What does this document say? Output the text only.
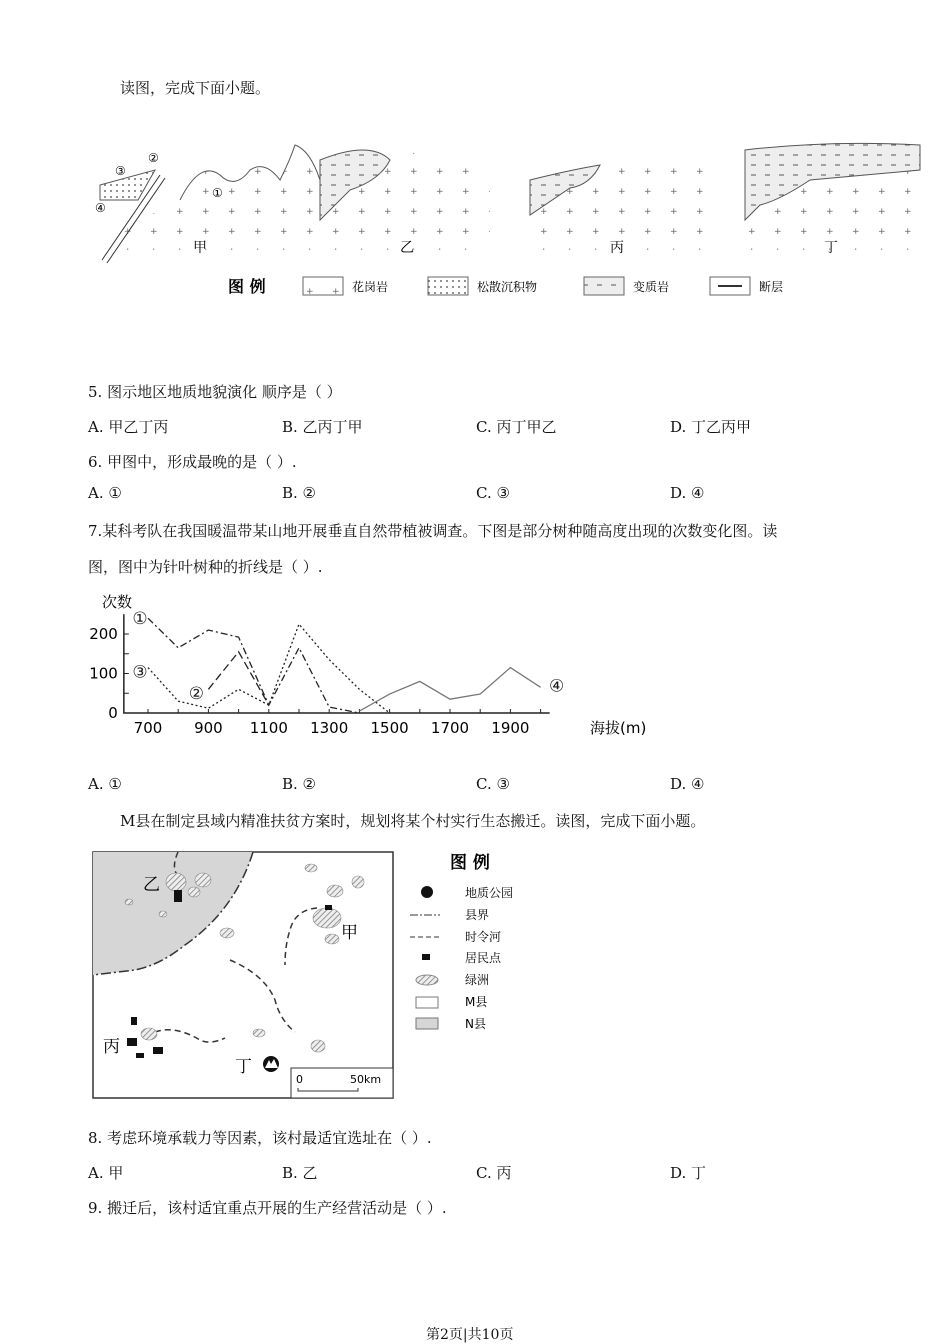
读图，完成下面小题。
甲	乙	丙	丁
①
②
③
④
图 例	花岗岩	松散沉积物	变质岩	断层
5. 图示地区地质地貌演化 顺序是（ ）
A. 甲乙丁丙	B. 乙丙丁甲	C. 丙丁甲乙	D. 丁乙丙甲
6. 甲图中，形成最晚的是（ ）.
A. ①	B. ②	C. ③	D. ④
7.某科考队在我国暖温带某山地开展垂直自然带植被调查。下图是部分树种随高度出现的次数变化图。读
图，图中为针叶树种的折线是（ ）.
次数
海拔(m)
0
100
200
700 900 1100 1300 1500 1700 1900
①
②
③
④
A. ①	B. ②	C. ③	D. ④
M县在制定县域内精准扶贫方案时，规划将某个村实行生态搬迁。读图，完成下面小题。
乙
甲
丙
丁
0	50km
图 例
地质公园
县界
时令河
居民点
绿洲
M县
N县
8. 考虑环境承载力等因素，该村最适宜选址在（ ）.
A. 甲	B. 乙	C. 丙	D. 丁
9. 搬迁后，该村适宜重点开展的生产经营活动是（ ）.
第2页|共10页
